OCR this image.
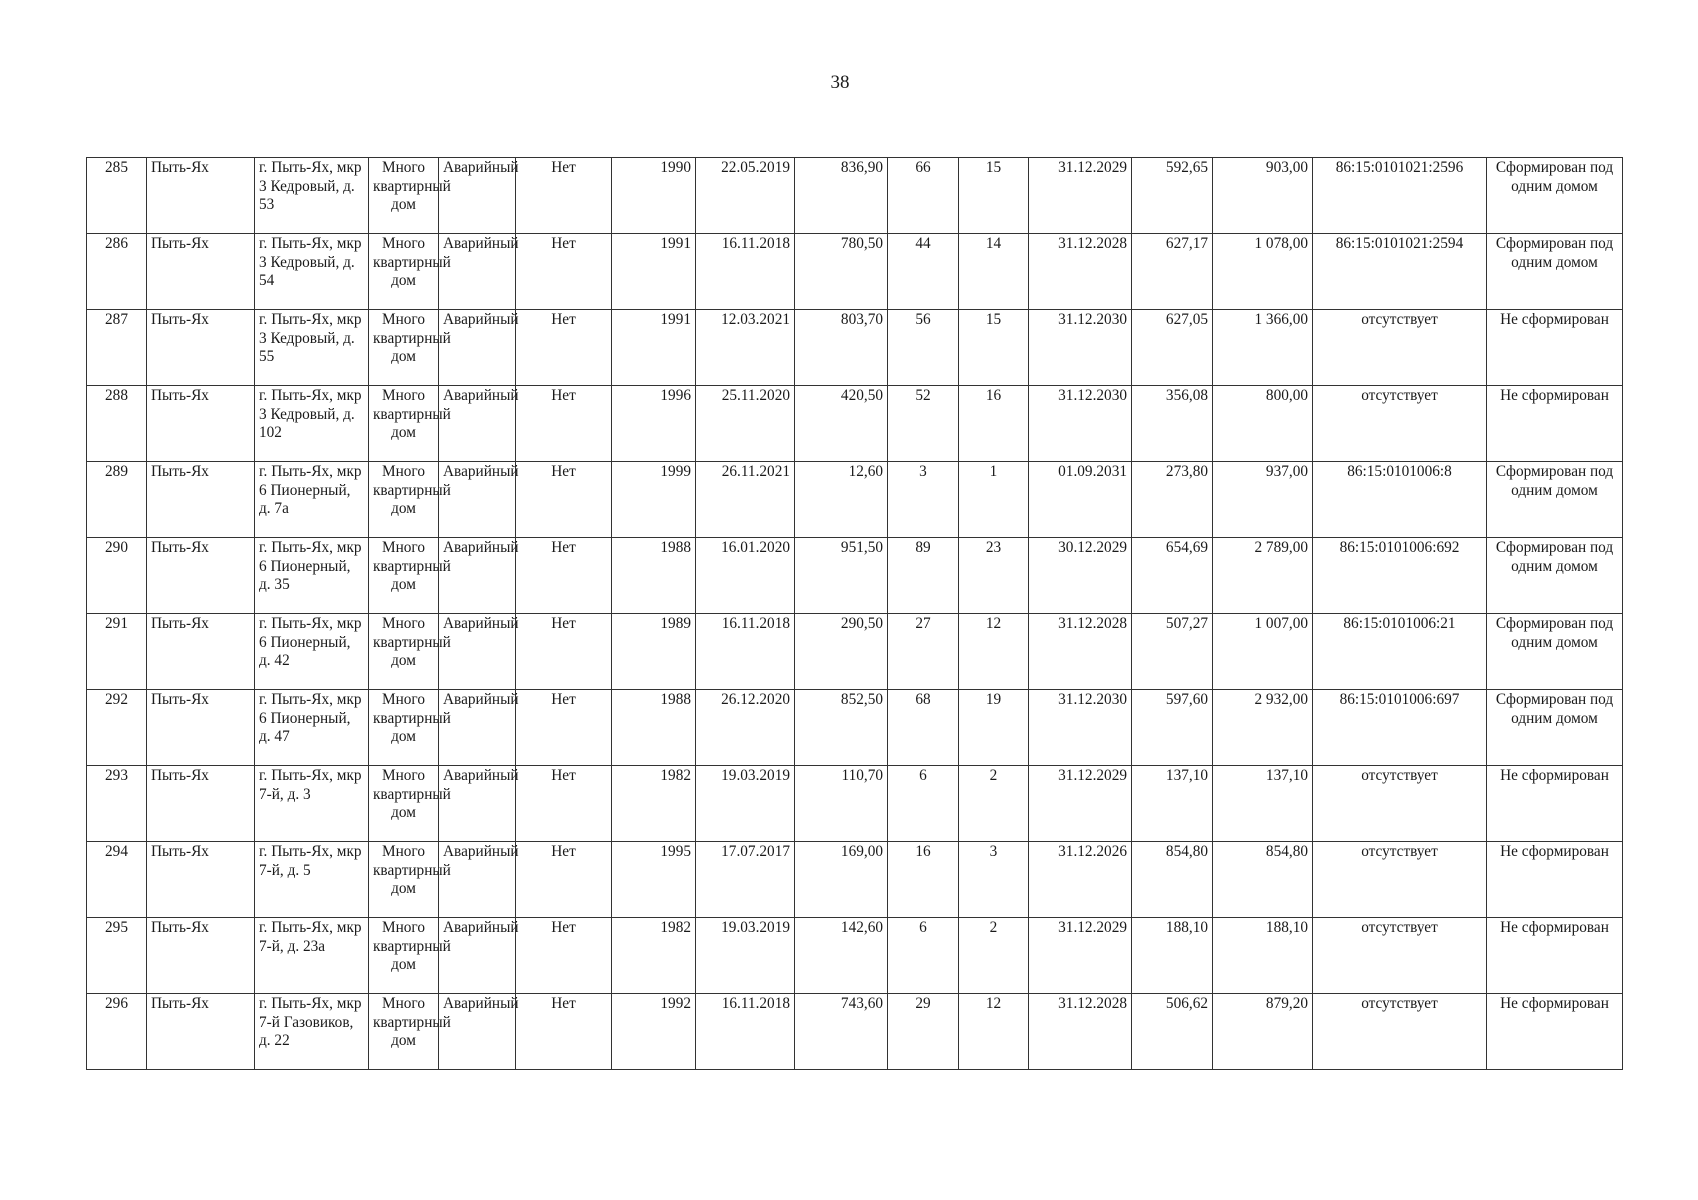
38
285	Пыть-Ях	г. Пыть-Ях, мкр 3 Кедровый, д. 53	Много квартирный дом	Аварийный	Нет	1990	22.05.2019	836,90	66	15	31.12.2029	592,65	903,00	86:15:0101021:2596	Сформирован под одним домом
286	Пыть-Ях	г. Пыть-Ях, мкр 3 Кедровый, д. 54	Много квартирный дом	Аварийный	Нет	1991	16.11.2018	780,50	44	14	31.12.2028	627,17	1 078,00	86:15:0101021:2594	Сформирован под одним домом
287	Пыть-Ях	г. Пыть-Ях, мкр 3 Кедровый, д. 55	Много квартирный дом	Аварийный	Нет	1991	12.03.2021	803,70	56	15	31.12.2030	627,05	1 366,00	отсутствует	Не сформирован
288	Пыть-Ях	г. Пыть-Ях, мкр 3 Кедровый, д. 102	Много квартирный дом	Аварийный	Нет	1996	25.11.2020	420,50	52	16	31.12.2030	356,08	800,00	отсутствует	Не сформирован
289	Пыть-Ях	г. Пыть-Ях, мкр 6 Пионерный, д. 7а	Много квартирный дом	Аварийный	Нет	1999	26.11.2021	12,60	3	1	01.09.2031	273,80	937,00	86:15:0101006:8	Сформирован под одним домом
290	Пыть-Ях	г. Пыть-Ях, мкр 6 Пионерный, д. 35	Много квартирный дом	Аварийный	Нет	1988	16.01.2020	951,50	89	23	30.12.2029	654,69	2 789,00	86:15:0101006:692	Сформирован под одним домом
291	Пыть-Ях	г. Пыть-Ях, мкр 6 Пионерный, д. 42	Много квартирный дом	Аварийный	Нет	1989	16.11.2018	290,50	27	12	31.12.2028	507,27	1 007,00	86:15:0101006:21	Сформирован под одним домом
292	Пыть-Ях	г. Пыть-Ях, мкр 6 Пионерный, д. 47	Много квартирный дом	Аварийный	Нет	1988	26.12.2020	852,50	68	19	31.12.2030	597,60	2 932,00	86:15:0101006:697	Сформирован под одним домом
293	Пыть-Ях	г. Пыть-Ях, мкр 7-й, д. 3	Много квартирный дом	Аварийный	Нет	1982	19.03.2019	110,70	6	2	31.12.2029	137,10	137,10	отсутствует	Не сформирован
294	Пыть-Ях	г. Пыть-Ях, мкр 7-й, д. 5	Много квартирный дом	Аварийный	Нет	1995	17.07.2017	169,00	16	3	31.12.2026	854,80	854,80	отсутствует	Не сформирован
295	Пыть-Ях	г. Пыть-Ях, мкр 7-й, д. 23а	Много квартирный дом	Аварийный	Нет	1982	19.03.2019	142,60	6	2	31.12.2029	188,10	188,10	отсутствует	Не сформирован
296	Пыть-Ях	г. Пыть-Ях, мкр 7-й Газовиков, д. 22	Много квартирный дом	Аварийный	Нет	1992	16.11.2018	743,60	29	12	31.12.2028	506,62	879,20	отсутствует	Не сформирован
